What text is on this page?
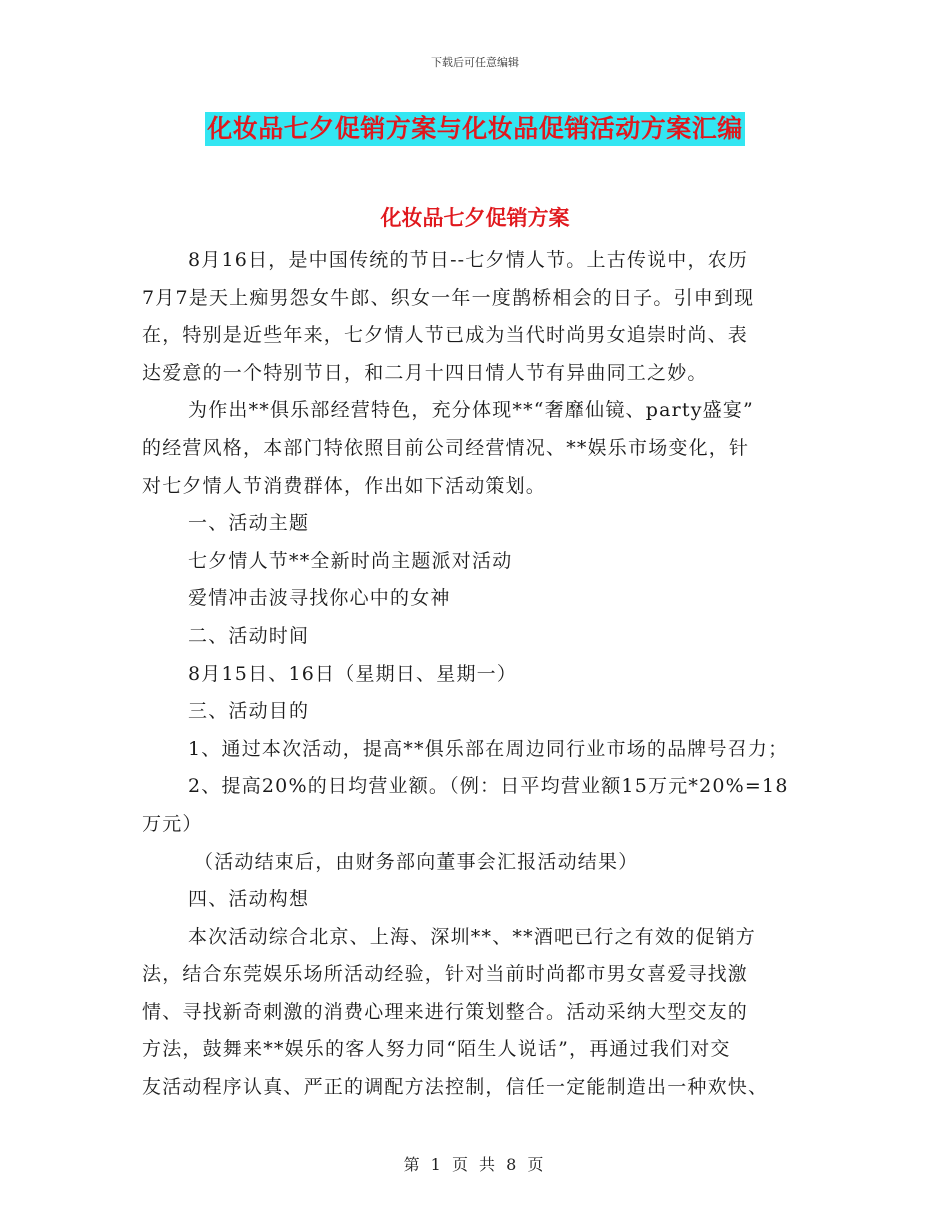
下载后可任意编辑
化妆品七夕促销方案与化妆品促销活动方案汇编
化妆品七夕促销方案
8月16日，是中国传统的节日--七夕情人节。上古传说中，农历
7月7是天上痴男怨女牛郎、织女一年一度鹊桥相会的日子。引申到现
在，特别是近些年来，七夕情人节已成为当代时尚男女追崇时尚、表
达爱意的一个特别节日，和二月十四日情人节有异曲同工之妙。
为作出**俱乐部经营特色，充分体现**“奢靡仙镜、party盛宴”
的经营风格，本部门特依照目前公司经营情况、**娱乐市场变化，针
对七夕情人节消费群体，作出如下活动策划。
一、活动主题
七夕情人节**全新时尚主题派对活动
爱情冲击波寻找你心中的女神
二、活动时间
8月15日、16日（星期日、星期一）
三、活动目的
1、通过本次活动，提高**俱乐部在周边同行业市场的品牌号召力；
2、提高20%的日均营业额。（例：日平均营业额15万元*20%=18
万元）
（活动结束后，由财务部向董事会汇报活动结果）
四、活动构想
本次活动综合北京、上海、深圳**、**酒吧已行之有效的促销方
法，结合东莞娱乐场所活动经验，针对当前时尚都市男女喜爱寻找激
情、寻找新奇刺激的消费心理来进行策划整合。活动采纳大型交友的
方法，鼓舞来**娱乐的客人努力同“陌生人说话”，再通过我们对交
友活动程序认真、严正的调配方法控制，信任一定能制造出一种欢快、
第 1 页 共 8 页
